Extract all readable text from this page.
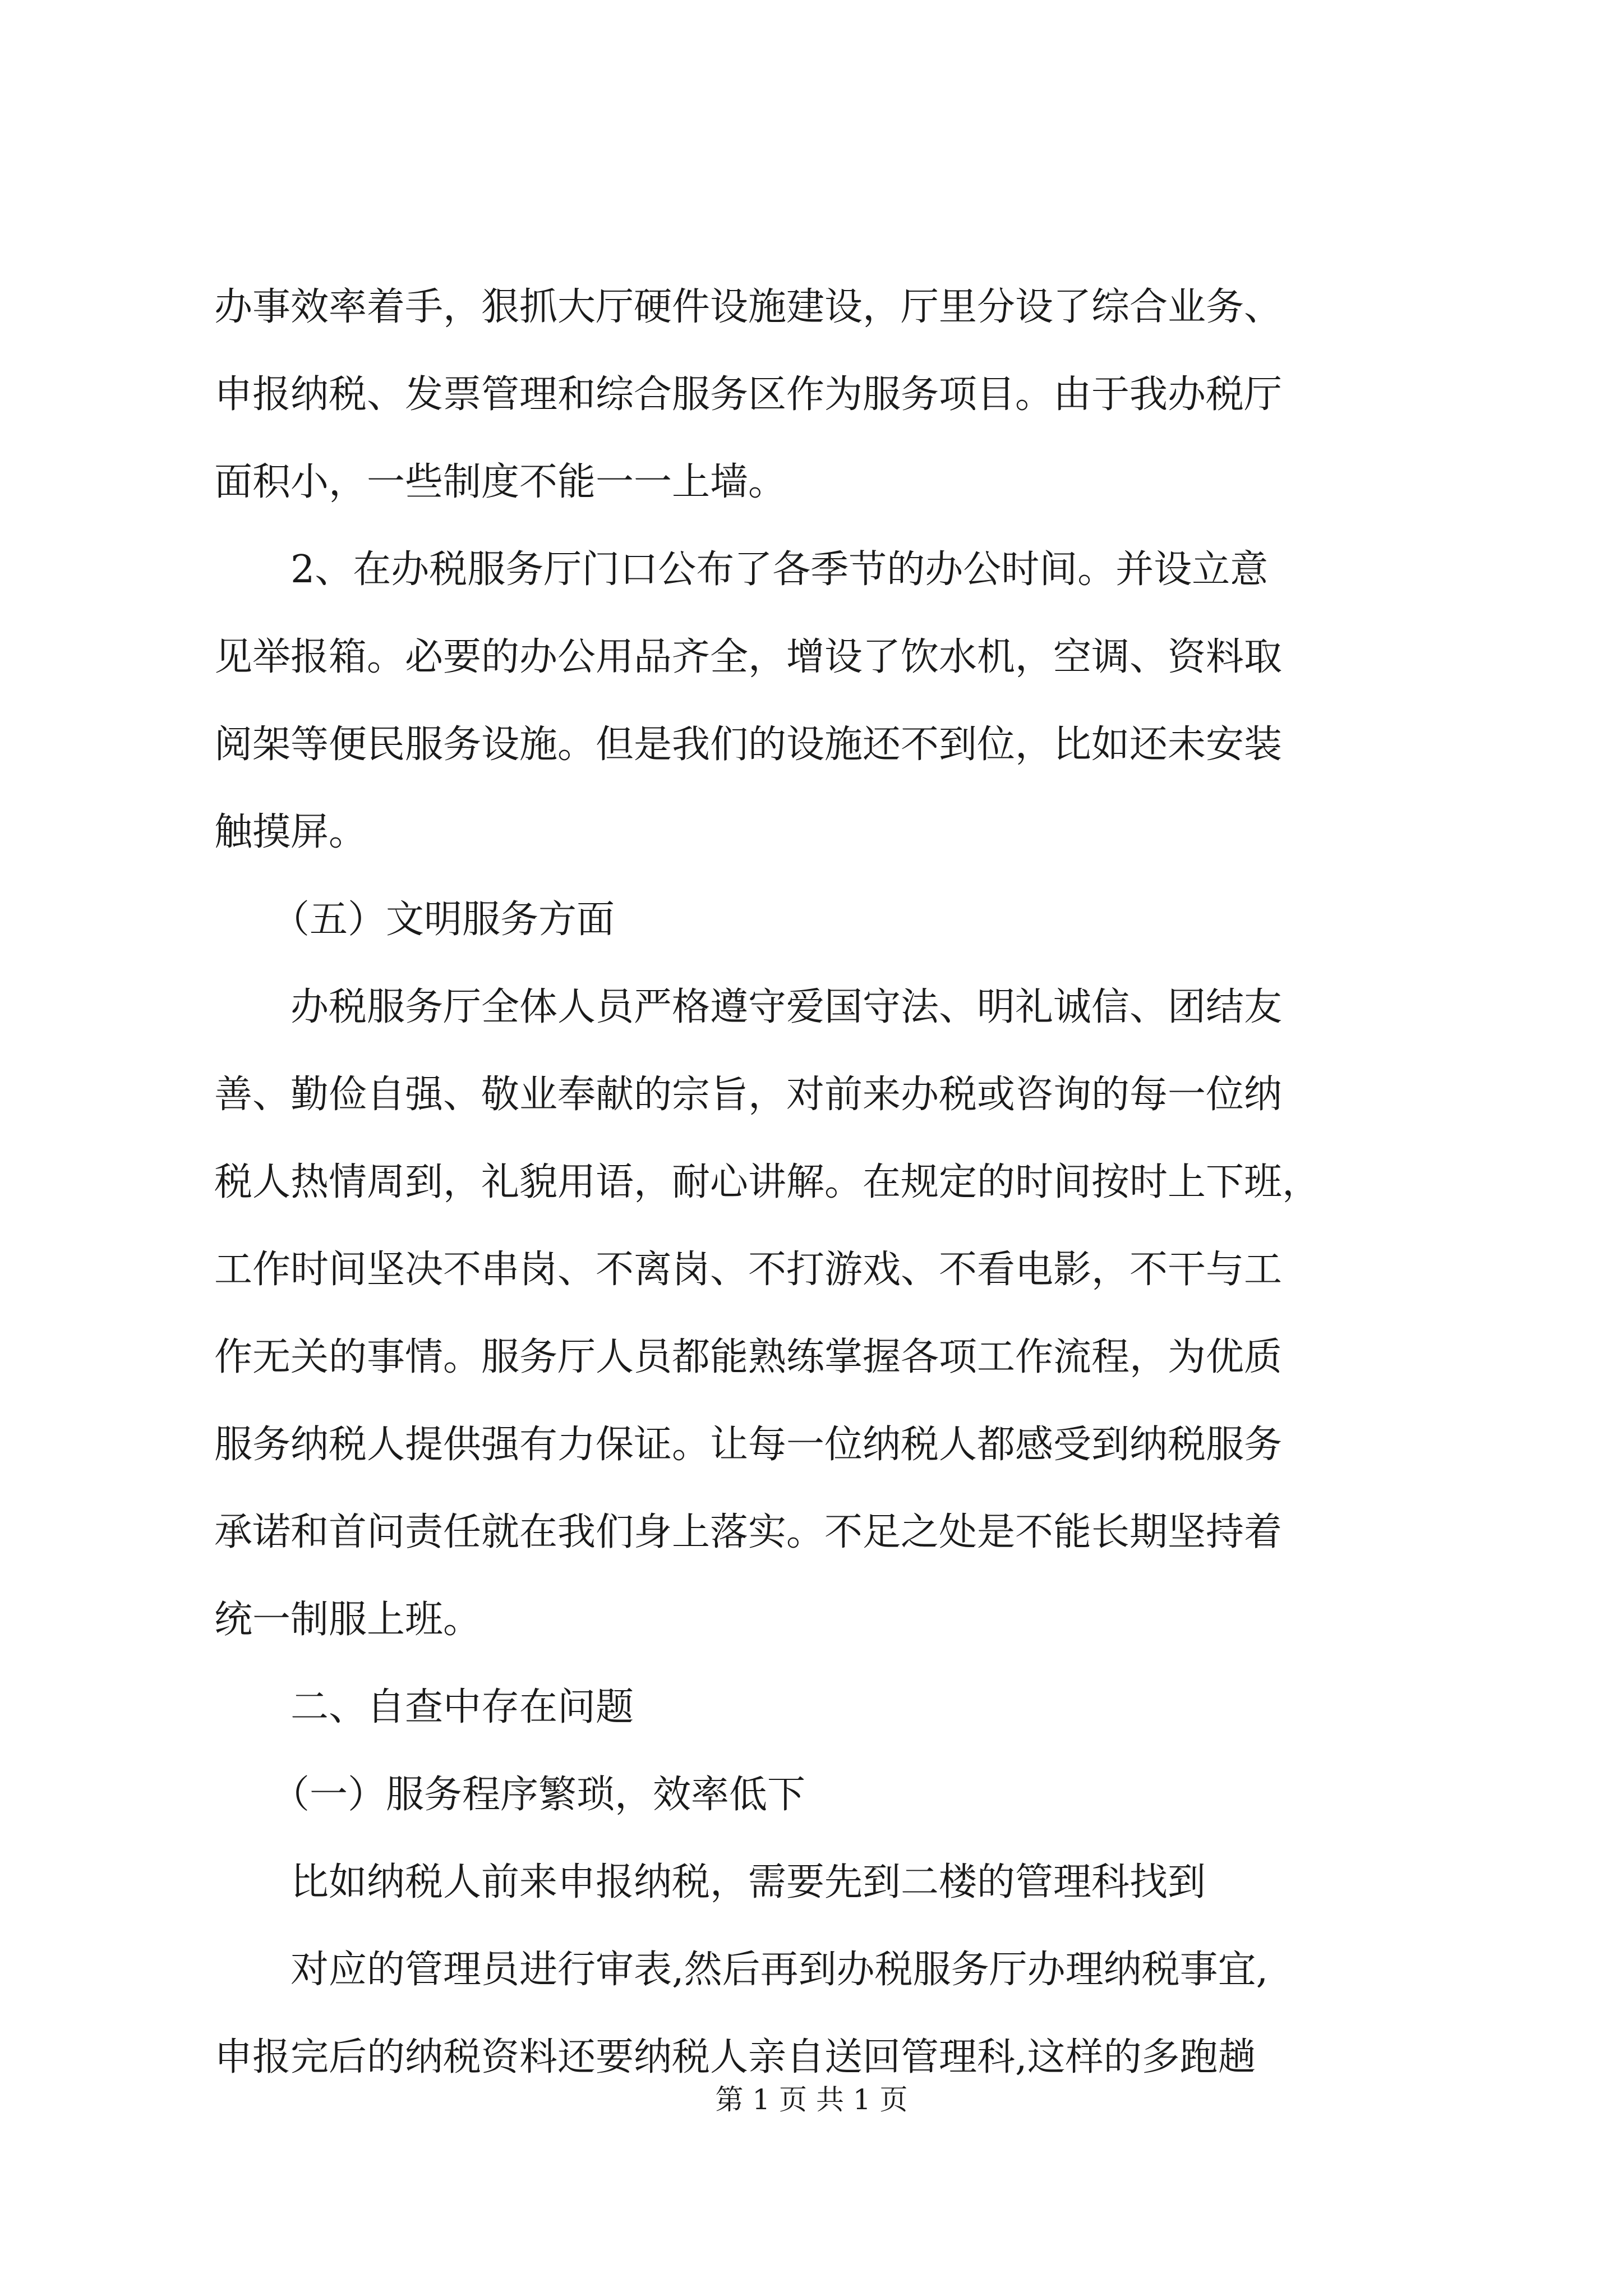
办事效率着手，狠抓大厅硬件设施建设，厅里分设了综合业务、
申报纳税、发票管理和综合服务区作为服务项目。由于我办税厅
面积小，一些制度不能一一上墙。
　　2、在办税服务厅门口公布了各季节的办公时间。并设立意
见举报箱。必要的办公用品齐全，增设了饮水机，空调、资料取
阅架等便民服务设施。但是我们的设施还不到位，比如还未安装
触摸屏。
　　（五）文明服务方面
　　办税服务厅全体人员严格遵守爱国守法、明礼诚信、团结友
善、勤俭自强、敬业奉献的宗旨，对前来办税或咨询的每一位纳
税人热情周到，礼貌用语，耐心讲解。在规定的时间按时上下班，
工作时间坚决不串岗、不离岗、不打游戏、不看电影，不干与工
作无关的事情。服务厅人员都能熟练掌握各项工作流程，为优质
服务纳税人提供强有力保证。让每一位纳税人都感受到纳税服务
承诺和首问责任就在我们身上落实。不足之处是不能长期坚持着
统一制服上班。
　　二、自查中存在问题
　　（一）服务程序繁琐，效率低下
　　比如纳税人前来申报纳税，需要先到二楼的管理科找到
　　对应的管理员进行审表,然后再到办税服务厅办理纳税事宜,
申报完后的纳税资料还要纳税人亲自送回管理科,这样的多跑趟
第 1 页 共 1 页
